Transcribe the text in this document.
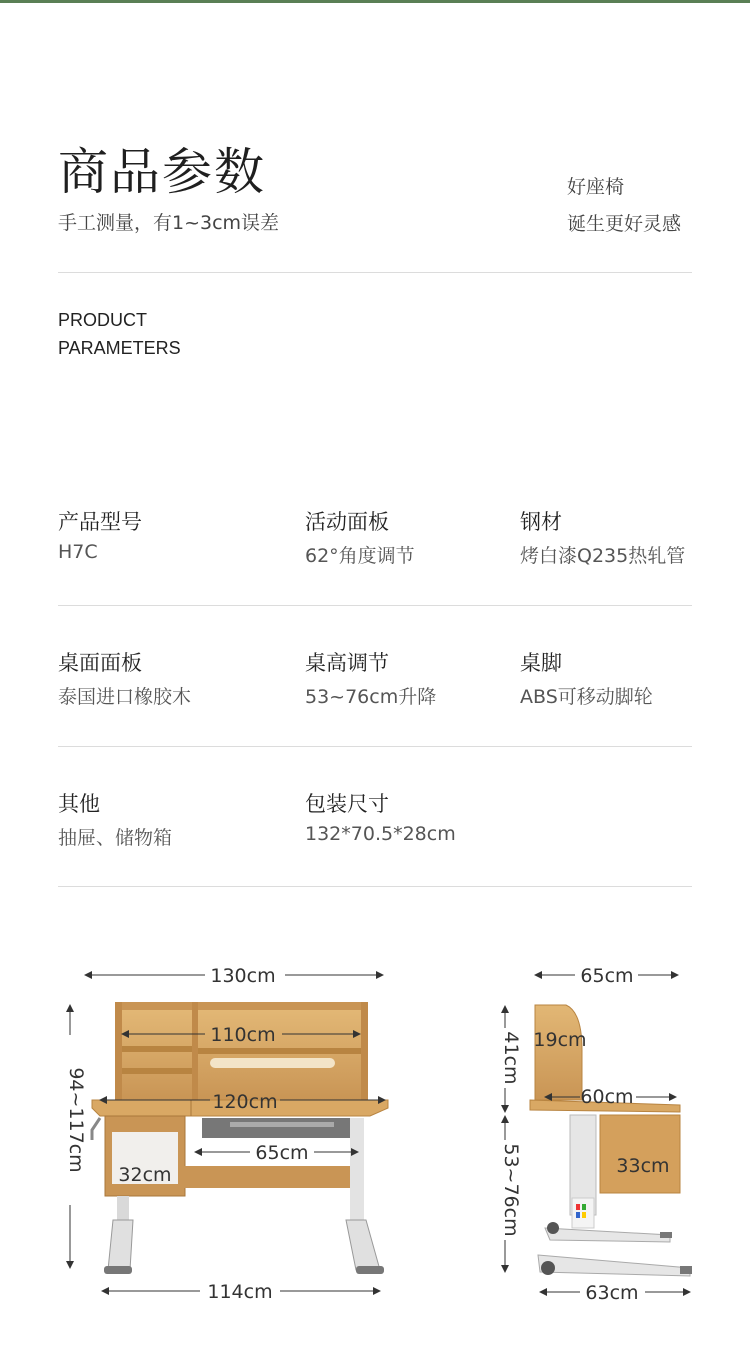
商品参数
手工测量，有1~3cm误差
好座椅
诞生更好灵感
PRODUCT
PARAMETERS
产品型号
H7C
活动面板
62°角度调节
钢材
烤白漆Q235热轧管
桌面面板
泰国进口橡胶木
桌高调节
53~76cm升降
桌脚
ABS可移动脚轮
其他
抽屉、储物箱
包装尺寸
132*70.5*28cm
130cm
110cm
120cm
94~117cm	65cm
32cm
114cm
65cm
41cm 19cm
60cm
53~76cm	33cm
63cm
